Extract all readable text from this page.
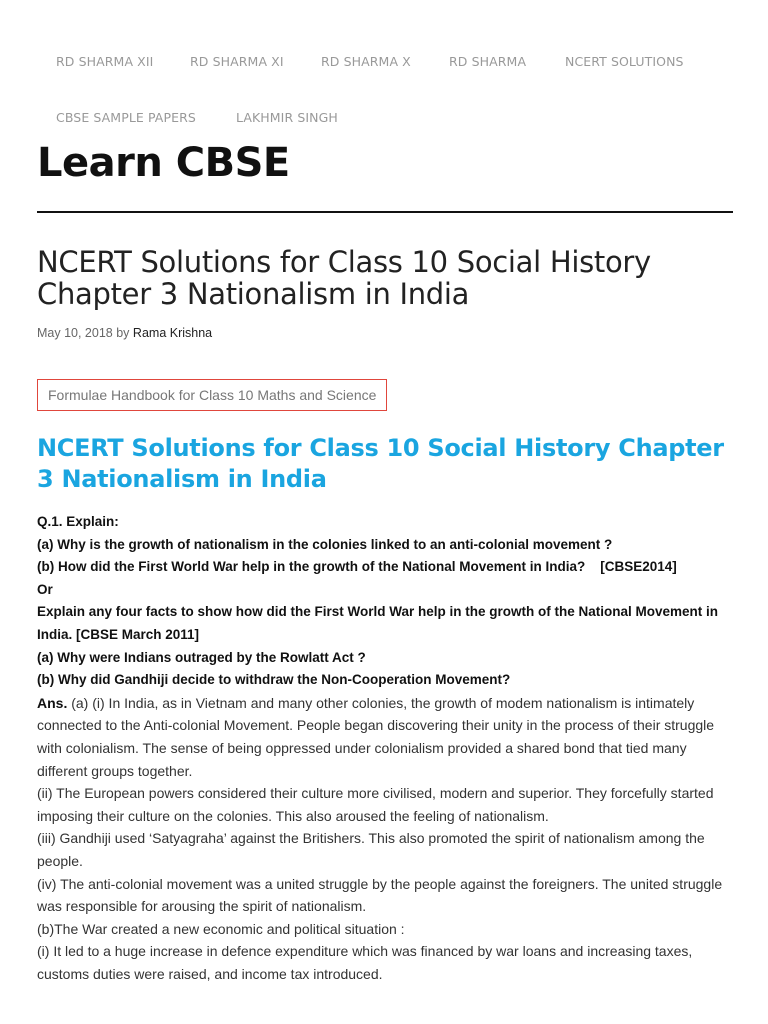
RD SHARMA XII	RD SHARMA XI	RD SHARMA X	RD SHARMA	NCERT SOLUTIONS
CBSE SAMPLE PAPERS	LAKHMIR SINGH
Learn CBSE
NCERT Solutions for Class 10 Social History Chapter 3 Nationalism in India

May 10, 2018 by Rama Krishna

Formulae Handbook for Class 10 Maths and Science
NCERT Solutions for Class 10 Social History Chapter 3 Nationalism in India

Q.1. Explain:

(a) Why is the growth of nationalism in the colonies linked to an anti-colonial movement ?

(b) How did the First World War help in the growth of the National Movement in India?    [CBSE2014]

Or

Explain any four facts to show how did the First World War help in the growth of the National Movement in India. [CBSE March 2011]

(a) Why were Indians outraged by the Rowlatt Act ?

(b) Why did Gandhiji decide to withdraw the Non-Cooperation Movement?

Ans. (a) (i) In India, as in Vietnam and many other colonies, the growth of modem nationalism is intimately connected to the Anti-colonial Movement. People began discovering their unity in the process of their struggle with colonialism. The sense of being oppressed under colonialism provided a shared bond that tied many different groups together.

(ii) The European powers considered their culture more civilised, modern and superior. They forcefully started imposing their culture on the colonies. This also aroused the feeling of nationalism.

(iii) Gandhiji used ‘Satyagraha’ against the Britishers. This also promoted the spirit of nationalism among the people.

(iv) The anti-colonial movement was a united struggle by the people against the foreigners. The united struggle was responsible for arousing the spirit of nationalism.

(b)The War created a new economic and political situation :

(i) It led to a huge increase in defence expenditure which was financed by war loans and increasing taxes, customs duties were raised, and income tax introduced.
